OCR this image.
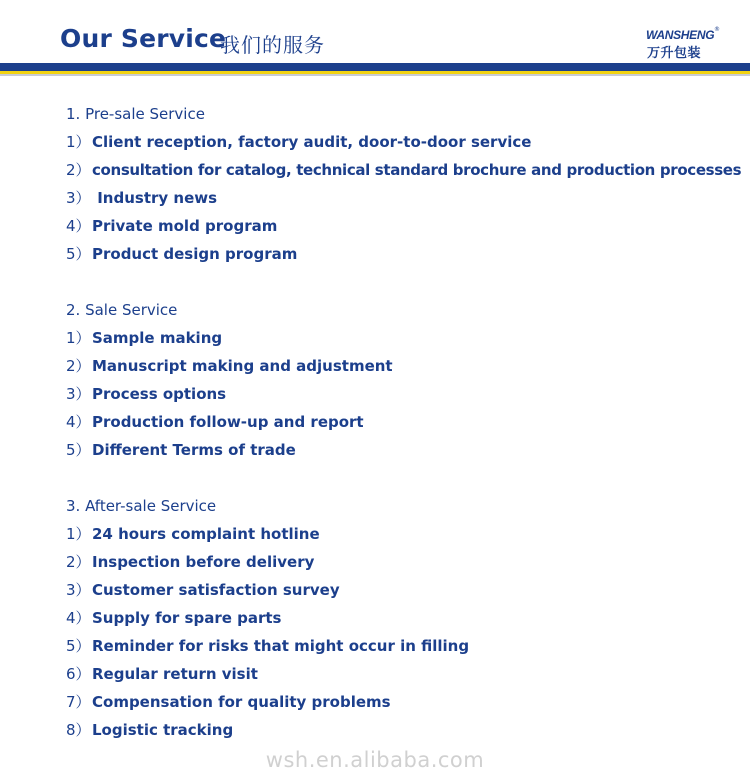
Our Service
我们的服务	WANSHENG ®
万升包装
1. Pre-sale Service
1）Client reception, factory audit, door-to-door service
2）consultation for catalog, technical standard brochure and production processes
3） Industry news
4）Private mold program
5）Product design program
2. Sale Service
1）Sample making
2）Manuscript making and adjustment
3）Process options
4）Production follow-up and report
5）Different Terms of trade
3. After-sale Service
1）24 hours complaint hotline
2）Inspection before delivery
3）Customer satisfaction survey
4）Supply for spare parts
5）Reminder for risks that might occur in filling
6）Regular return visit
7）Compensation for quality problems
8）Logistic tracking
wsh.en.alibaba.com
